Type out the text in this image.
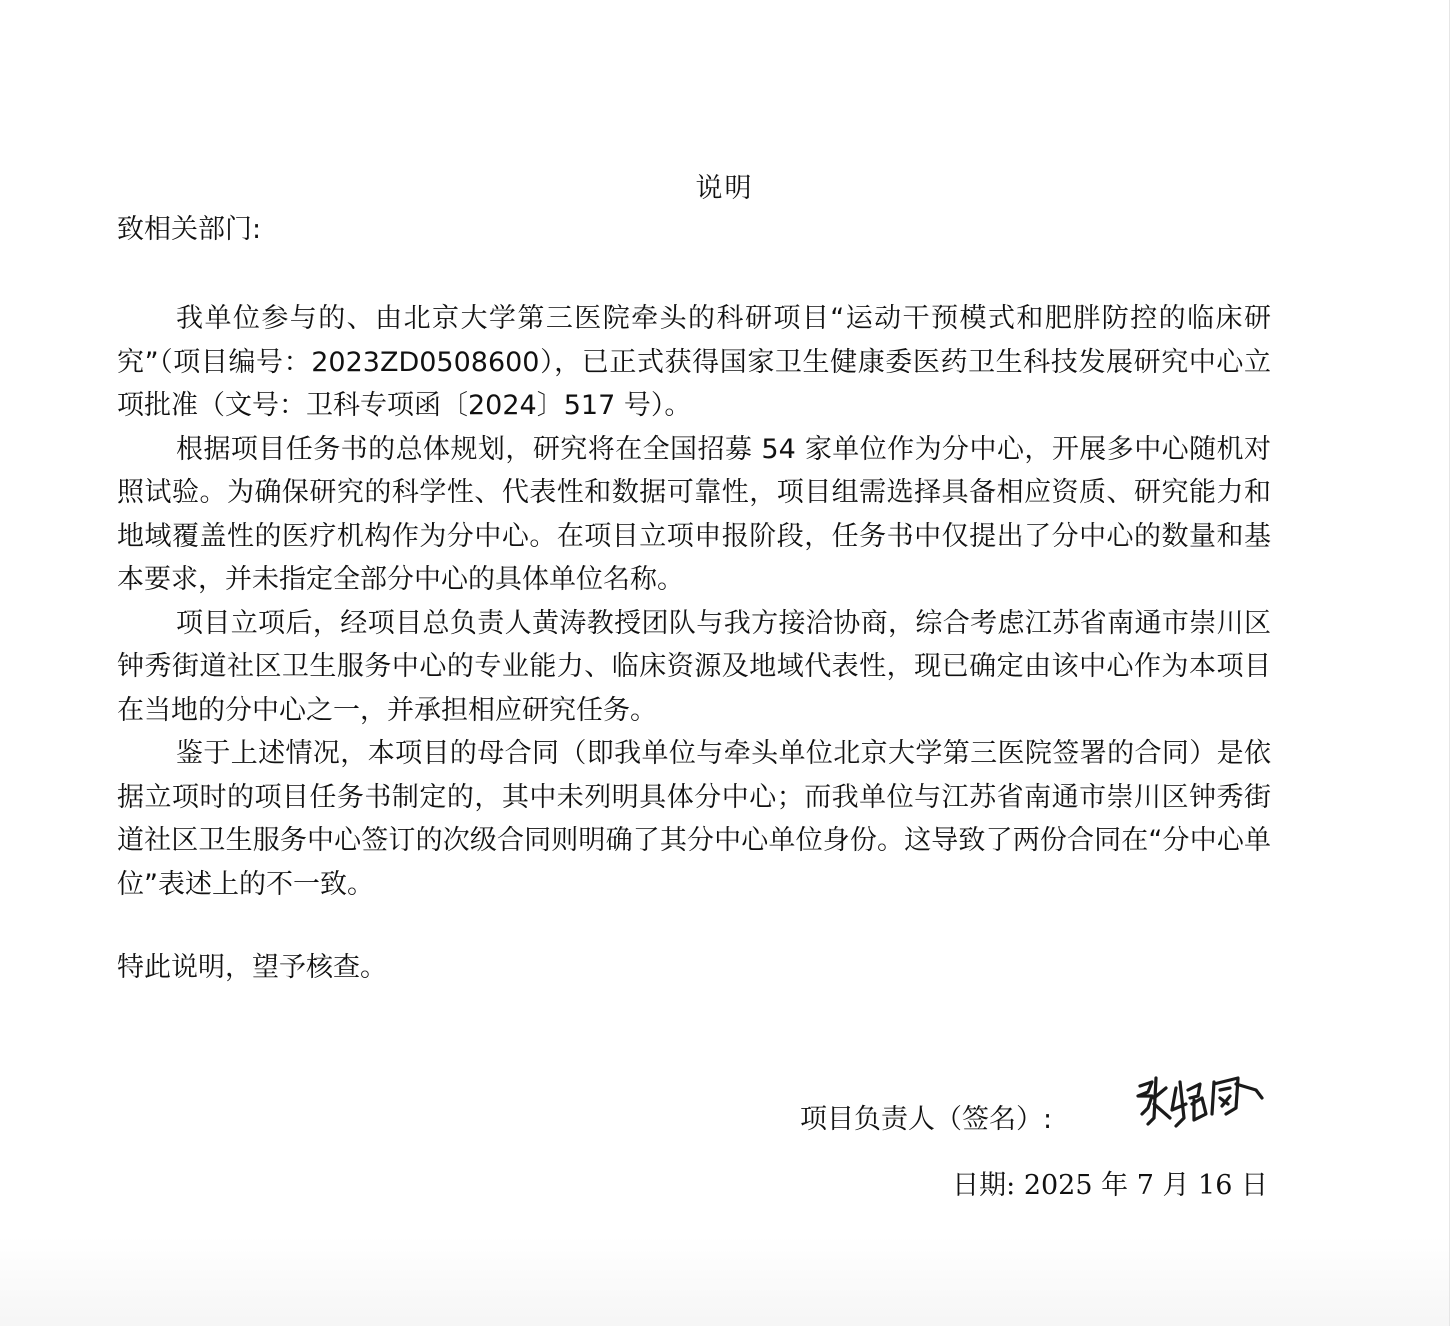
说明
致相关部门:

我单位参与的、由北京大学第三医院牵头的科研项目“运动干预模式和肥胖防控的临床研究”（项目编号：2023ZD0508600），已正式获得国家卫生健康委医药卫生科技发展研究中心立项批准（文号：卫科专项函〔2024〕517 号）。

根据项目任务书的总体规划，研究将在全国招募 54 家单位作为分中心，开展多中心随机对照试验。为确保研究的科学性、代表性和数据可靠性，项目组需选择具备相应资质、研究能力和地域覆盖性的医疗机构作为分中心。在项目立项申报阶段，任务书中仅提出了分中心的数量和基本要求，并未指定全部分中心的具体单位名称。

项目立项后，经项目总负责人黄涛教授团队与我方接洽协商，综合考虑江苏省南通市崇川区钟秀街道社区卫生服务中心的专业能力、临床资源及地域代表性，现已确定由该中心作为本项目在当地的分中心之一，并承担相应研究任务。

鉴于上述情况，本项目的母合同（即我单位与牵头单位北京大学第三医院签署的合同）是依据立项时的项目任务书制定的，其中未列明具体分中心；而我单位与江苏省南通市崇川区钟秀街道社区卫生服务中心签订的次级合同则明确了其分中心单位身份。这导致了两份合同在“分中心单位”表述上的不一致。

特此说明，望予核查。
项目负责人（签名）:
日期: 2025 年 7 月 16 日
